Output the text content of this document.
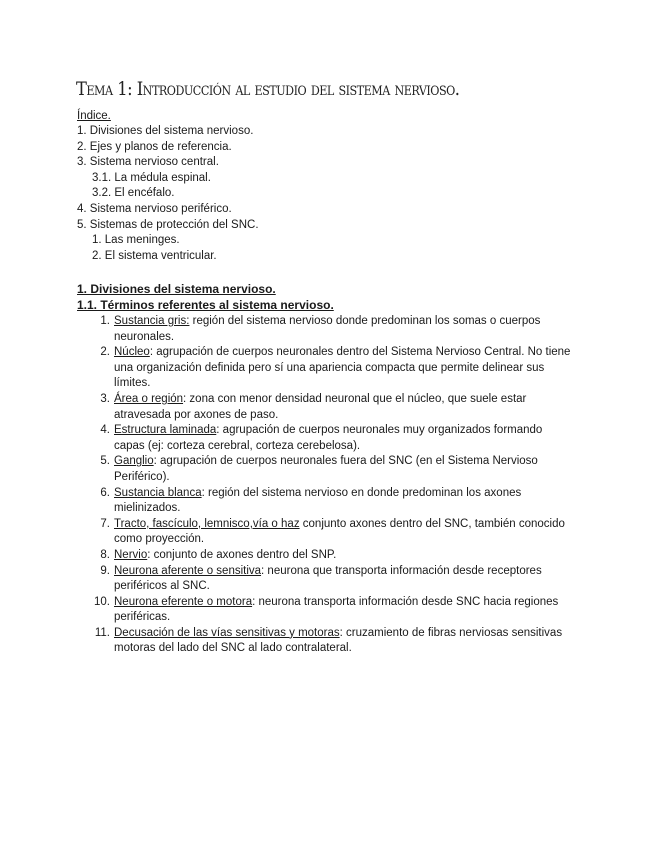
Tema 1: Introducción al estudio del sistema nervioso.

Índice.

1. Divisiones del sistema nervioso.
2. Ejes y planos de referencia.
3. Sistema nervioso central.
3.1. La médula espinal.
3.2. El encéfalo.
4. Sistema nervioso periférico.
5. Sistemas de protección del SNC.
1. Las meninges.
2. El sistema ventricular.
1. Divisiones del sistema nervioso.
1.1. Términos referentes al sistema nervioso.
1. Sustancia gris: región del sistema nervioso donde predominan los somas o cuerpos neuronales.
2. Núcleo: agrupación de cuerpos neuronales dentro del Sistema Nervioso Central. No tiene una organización definida pero sí una apariencia compacta que permite delinear sus límites.
3. Área o región: zona con menor densidad neuronal que el núcleo, que suele estar atravesada por axones de paso.
4. Estructura laminada: agrupación de cuerpos neuronales muy organizados formando capas (ej: corteza cerebral, corteza cerebelosa).
5. Ganglio: agrupación de cuerpos neuronales fuera del SNC (en el Sistema Nervioso Periférico).
6. Sustancia blanca: región del sistema nervioso en donde predominan los axones mielinizados.
7. Tracto, fascículo, lemnisco,vía o haz conjunto axones dentro del SNC, también conocido como proyección.
8. Nervio: conjunto de axones dentro del SNP.
9. Neurona aferente o sensitiva: neurona que transporta información desde receptores periféricos al SNC.
10. Neurona eferente o motora: neurona transporta información desde SNC hacia regiones periféricas.
11. Decusación de las vías sensitivas y motoras: cruzamiento de fibras nerviosas sensitivas motoras del lado del SNC al lado contralateral.
